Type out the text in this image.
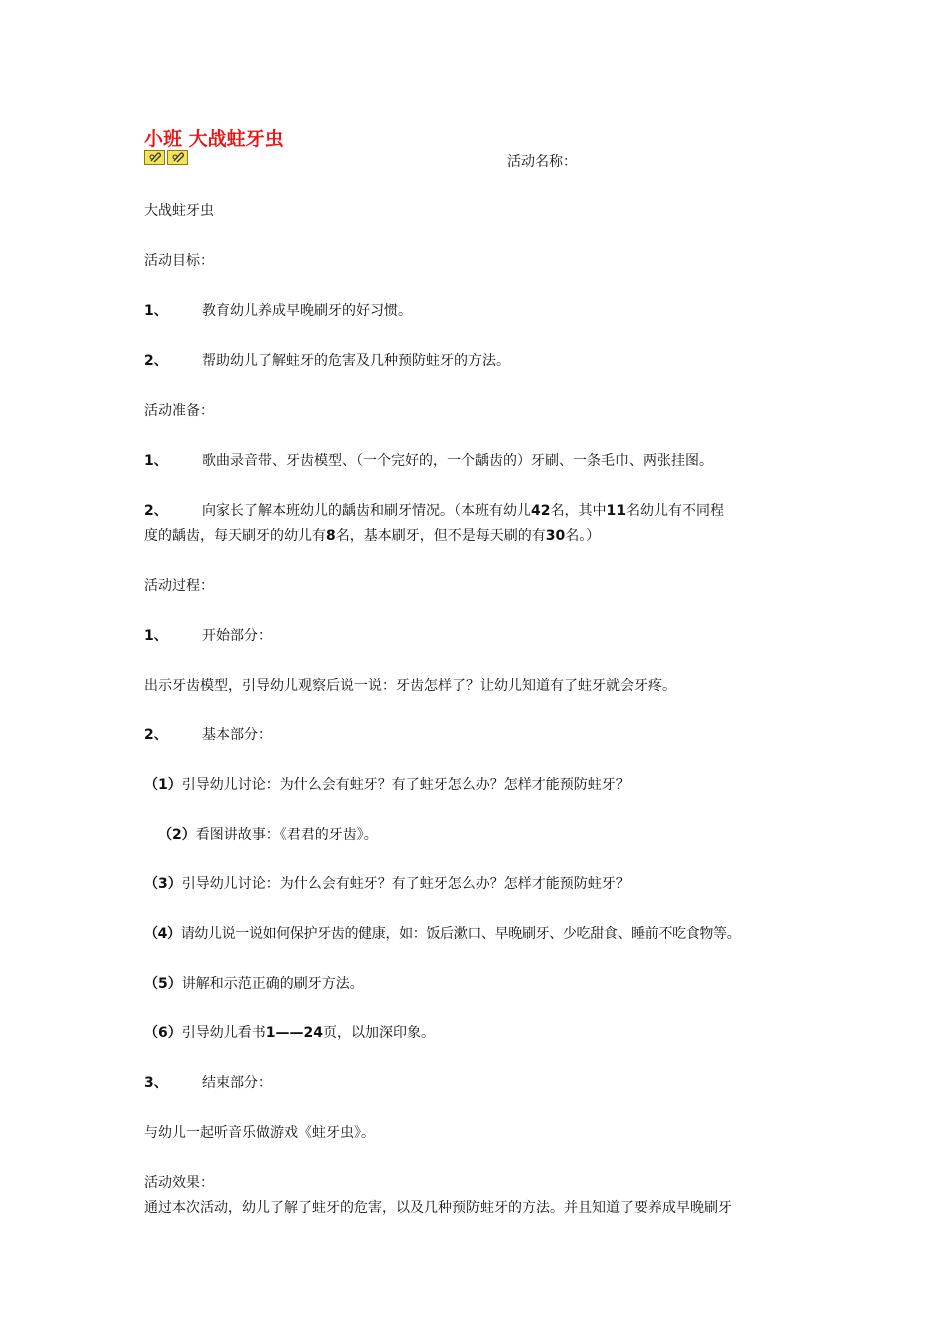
小班 大战蛀牙虫
活动名称：
大战蛀牙虫
活动目标：
1、 教育幼儿养成早晚刷牙的好习惯。
2、 帮助幼儿了解蛀牙的危害及几种预防蛀牙的方法。
活动准备：
1、 歌曲录音带、牙齿模型、（一个完好的，一个龋齿的）牙刷、一条毛巾、两张挂图。
2、 向家长了解本班幼儿的龋齿和刷牙情况。（本班有幼儿42名，其中11名幼儿有不同程
度的龋齿，每天刷牙的幼儿有8名，基本刷牙，但不是每天刷的有30名。）
活动过程：
1、 开始部分：
出示牙齿模型，引导幼儿观察后说一说：牙齿怎样了？让幼儿知道有了蛀牙就会牙疼。
2、 基本部分：
（1）引导幼儿讨论：为什么会有蛀牙？有了蛀牙怎么办？怎样才能预防蛀牙？
（2）看图讲故事：《君君的牙齿》。
（3）引导幼儿讨论：为什么会有蛀牙？有了蛀牙怎么办？怎样才能预防蛀牙？
（4）请幼儿说一说如何保护牙齿的健康，如：饭后漱口、早晚刷牙、少吃甜食、睡前不吃食物等。
（5）讲解和示范正确的刷牙方法。
（6）引导幼儿看书1——24页，以加深印象。
3、 结束部分：
与幼儿一起听音乐做游戏《蛀牙虫》。
活动效果：
通过本次活动，幼儿了解了蛀牙的危害，以及几种预防蛀牙的方法。并且知道了要养成早晚刷牙
